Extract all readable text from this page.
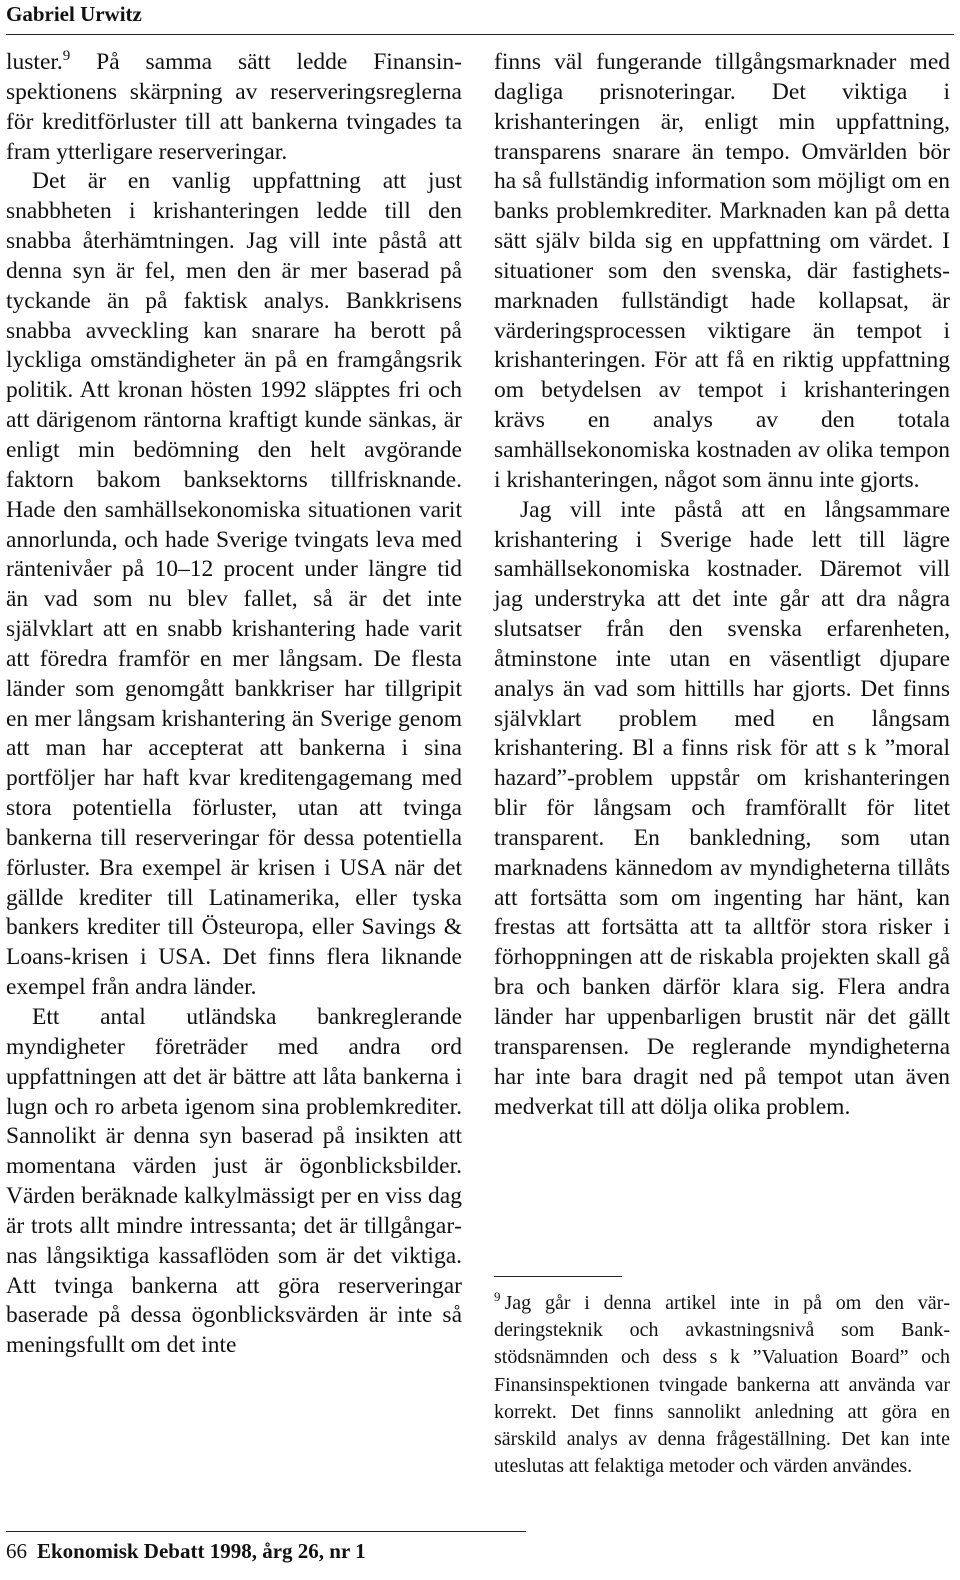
Gabriel Urwitz

luster.$^9$ På samma sätt ledde Finansinspektionens skärpning av reserveringsreglerna för kreditförluster till att bankerna tvingades ta fram ytterligare reserveringar.

Det är en vanlig uppfattning att just snabbheten i krishanteringen ledde till den snabba återhämtningen. Jag vill inte påstå att denna syn är fel, men den är mer baserad på tyckande än på faktisk analys. Bankkrisens snabba avveckling kan snarare ha berott på lyckliga omständigheter än på en framgångsrik politik. Att kronan hösten 1992 släpptes fri och att därigenom räntorna kraftigt kunde sänkas, är enligt min bedömning den helt avgörande faktorn bakom banksektorns tillfrisknande. Hade den samhällsekonomiska situationen varit annorlunda, och hade Sverige tvingats leva med räntenivåer på 10–12 procent under längre tid än vad som nu blev fallet, så är det inte självklart att en snabb krishantering hade varit att föredra framför en mer långsam. De flesta länder som genomgått bankkriser har tillgripit en mer långsam krishantering än Sverige genom att man har accepterat att bankerna i sina portföljer har haft kvar kreditengagemang med stora potentiella förluster, utan att tvinga bankerna till reserveringar för dessa potentiella förluster. Bra exempel är krisen i USA när det gällde krediter till Latinamerika, eller tyska bankers krediter till Östeuropa, eller Savings & Loans-krisen i USA. Det finns flera liknande exempel från andra länder.

Ett antal utländska bankreglerande myndigheter företräder med andra ord uppfattningen att det är bättre att låta bankerna i lugn och ro arbeta igenom sina problemkrediter. Sannolikt är denna syn baserad på insikten att momentana värden just är ögonblicksbilder. Värden beräknade kalkylmässigt per en viss dag är trots allt mindre intressanta; det är tillgångarnas långsiktiga kassaflöden som är det viktiga. Att tvinga bankerna att göra reserveringar baserade på dessa ögonblicksvärden är inte så meningsfullt om det inte

finns väl fungerande tillgångsmarknader med dagliga prisnoteringar. Det viktiga i krishanteringen är, enligt min uppfattning, transparens snarare än tempo. Omvärlden bör ha så fullständig information som möjligt om en banks problemkrediter. Marknaden kan på detta sätt själv bilda sig en uppfattning om värdet. I situationer som den svenska, där fastighetsmarknaden fullständigt hade kollapsat, är värderingsprocessen viktigare än tempot i krishanteringen. För att få en riktig uppfattning om betydelsen av tempot i krishanteringen krävs en analys av den totala samhällsekonomiska kostnaden av olika tempon i krishanteringen, något som ännu inte gjorts.

Jag vill inte påstå att en långsammare krishantering i Sverige hade lett till lägre samhällsekonomiska kostnader. Däremot vill jag understryka att det inte går att dra några slutsatser från den svenska erfarenheten, åtminstone inte utan en väsentligt djupare analys än vad som hittills har gjorts. Det finns självklart problem med en långsam krishantering. Bl a finns risk för att s k ”moral hazard”-problem uppstår om krishanteringen blir för långsam och framförallt för litet transparent. En bankledning, som utan marknadens kännedom av myndigheterna tillåts att fortsätta som om ingenting har hänt, kan frestas att fortsätta att ta alltför stora risker i förhoppningen att de riskabla projekten skall gå bra och banken därför klara sig. Flera andra länder har uppenbarligen brustit när det gällt transparensen. De reglerande myndigheterna har inte bara dragit ned på tempot utan även medverkat till att dölja olika problem.

$^9$ Jag går i denna artikel inte in på om den värderingsteknik och avkastningsnivå som Bankstödsnämnden och dess s k ”Valuation Board” och Finansinspektionen tvingade bankerna att använda var korrekt. Det finns sannolikt anledning att göra en särskild analys av denna frågeställning. Det kan inte uteslutas att felaktiga metoder och värden användes.
66 Ekonomisk Debatt 1998, årg 26, nr 1
